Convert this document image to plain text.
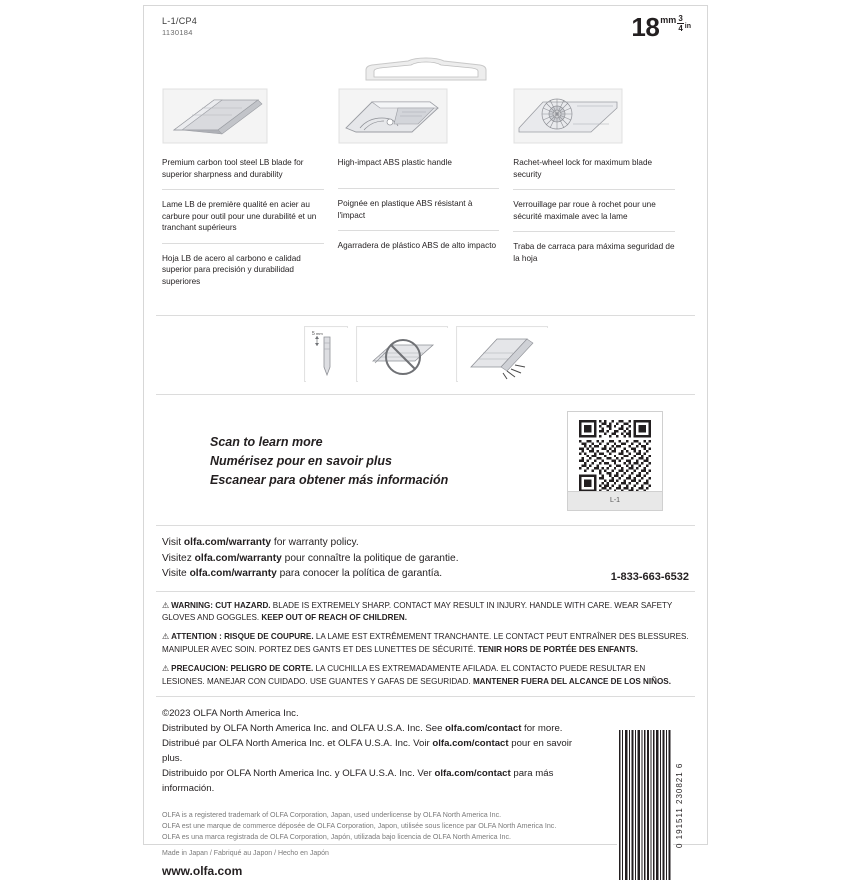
L-1/CP4
1130184	18 mm $\frac{3}{4}$ in
Premium carbon tool steel LB blade for superior sharpness and durability
Lame LB de première qualité en acier au carbure pour outil pour une durabilité et un tranchant supérieurs
Hoja LB de acero al carbono e calidad superior para precisión y durabilidad superiores
High-impact ABS plastic handle
Poignée en plastique ABS résistant à l'impact
Agarradera de plástico ABS de alto impacto
Rachet-wheel lock for maximum blade security
Verrouillage par roue à rochet pour une sécurité maximale avec la lame
Traba de carraca para máxima seguridad de la hoja
5 mm
Scan to learn more
Numérisez pour en savoir plus
Escanear para obtener más información
L-1
Visit olfa.com/warranty for warranty policy.
Visitez olfa.com/warranty pour connaître la politique de garantie.
Visite olfa.com/warranty para conocer la política de garantía.	1-833-663-6532
⚠ WARNING: CUT HAZARD. BLADE IS EXTREMELY SHARP. CONTACT MAY RESULT IN INJURY. HANDLE WITH CARE. WEAR SAFETY GLOVES AND GOGGLES. KEEP OUT OF REACH OF CHILDREN.
⚠ ATTENTION : RISQUE DE COUPURE. LA LAME EST EXTRÊMEMENT TRANCHANTE. LE CONTACT PEUT ENTRAÎNER DES BLESSURES. MANIPULER AVEC SOIN. PORTEZ DES GANTS ET DES LUNETTES DE SÉCURITÉ. TENIR HORS DE PORTÉE DES ENFANTS.
⚠ PRECAUCION: PELIGRO DE CORTE. LA CUCHILLA ES EXTREMADAMENTE AFILADA. EL CONTACTO PUEDE RESULTAR EN LESIONES. MANEJAR CON CUIDADO. USE GUANTES Y GAFAS DE SEGURIDAD. MANTENER FUERA DEL ALCANCE DE LOS NIÑOS.
©2023 OLFA North America Inc.
Distributed by OLFA North America Inc. and OLFA U.S.A. Inc. See olfa.com/contact for more.
Distribué par OLFA North America Inc. et OLFA U.S.A. Inc. Voir olfa.com/contact pour en savoir plus.
Distribuido por OLFA North America Inc. y OLFA U.S.A. Inc. Ver olfa.com/contact para más información.
OLFA is a registered trademark of OLFA Corporation, Japan, used underlicense by OLFA North America Inc.
OLFA est une marque de commerce déposée de OLFA Corporation, Japon, utilisée sous licence par OLFA North America Inc.
OLFA es una marca registrada de OLFA Corporation, Japón, utilizada bajo licencia de OLFA North America Inc.
Made in Japan / Fabriqué au Japon / Hecho en Japón
www.olfa.com
0 191511 230821 6
